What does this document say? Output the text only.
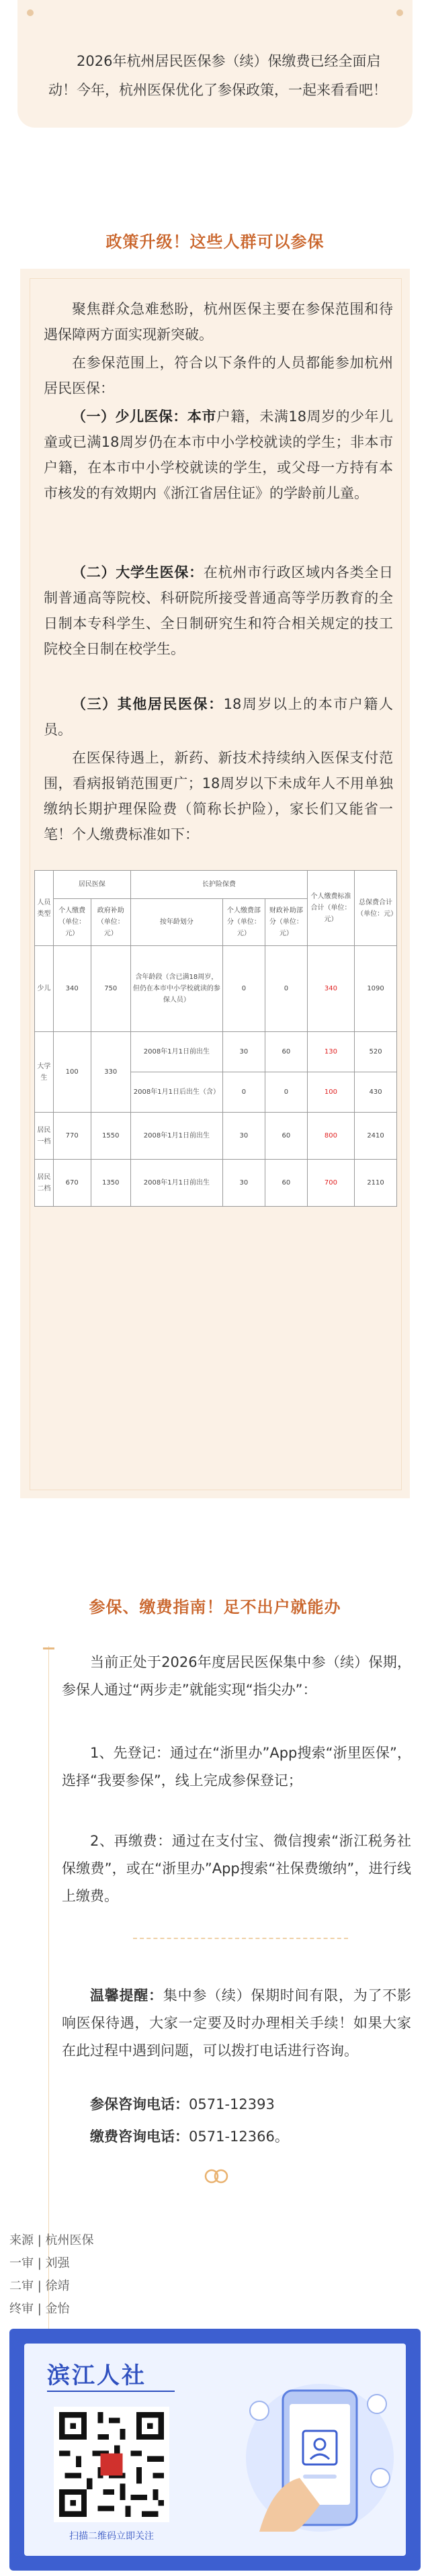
2026年杭州居民医保参（续）保缴费已经全面启动！今年，杭州医保优化了参保政策，一起来看看吧！
政策升级！这些人群可以参保
聚焦群众急难愁盼，杭州医保主要在参保范围和待遇保障两方面实现新突破。
在参保范围上，符合以下条件的人员都能参加杭州居民医保：
（一）少儿医保：本市户籍，未满18周岁的少年儿童或已满18周岁仍在本市中小学校就读的学生；非本市户籍，在本市中小学校就读的学生，或父母一方持有本市核发的有效期内《浙江省居住证》的学龄前儿童。
（二）大学生医保：在杭州市行政区域内各类全日制普通高等院校、科研院所接受普通高等学历教育的全日制本专科学生、全日制研究生和符合相关规定的技工院校全日制在校学生。
（三）其他居民医保：18周岁以上的本市户籍人员。
在医保待遇上，新药、新技术持续纳入医保支付范围，看病报销范围更广；18周岁以下未成年人不用单独缴纳长期护理保险费（简称长护险），家长们又能省一笔！个人缴费标准如下：
人员类型	居民医保		长护险保费			个人缴费标准合计（单位：元）	总保费合计（单位：元）
	个人缴费（单位：元）	政府补助（单位：元）	按年龄划分	个人缴费部分（单位：元）	财政补助部分（单位：元）		
少儿	340	750	含年龄段（含已满18周岁，但仍在本市中小学校就读的参保人员）	0	0	340	1090
大学生	100	330	2008年1月1日前出生	30	60	130	520
			2008年1月1日后出生（含）	0	0	100	430
居民一档	770	1550	2008年1月1日前出生	30	60	800	2410
居民二档	670	1350	2008年1月1日前出生	30	60	700	2110
参保、缴费指南！足不出户就能办
当前正处于2026年度居民医保集中参（续）保期，参保人通过“两步走”就能实现“指尖办”：
1、先登记：通过在“浙里办”App搜索“浙里医保”，选择“我要参保”，线上完成参保登记；
2、再缴费：通过在支付宝、微信搜索“浙江税务社保缴费”，或在“浙里办”App搜索“社保费缴纳”，进行线上缴费。
温馨提醒：集中参（续）保期时间有限，为了不影响医保待遇，大家一定要及时办理相关手续！如果大家在此过程中遇到问题，可以拨打电话进行咨询。
参保咨询电话：0571-12393
缴费咨询电话：0571-12366。
来源 | 杭州医保
一审 | 刘强
二审 | 徐靖
终审 | 金怡
滨江人社
扫描二维码立即关注
